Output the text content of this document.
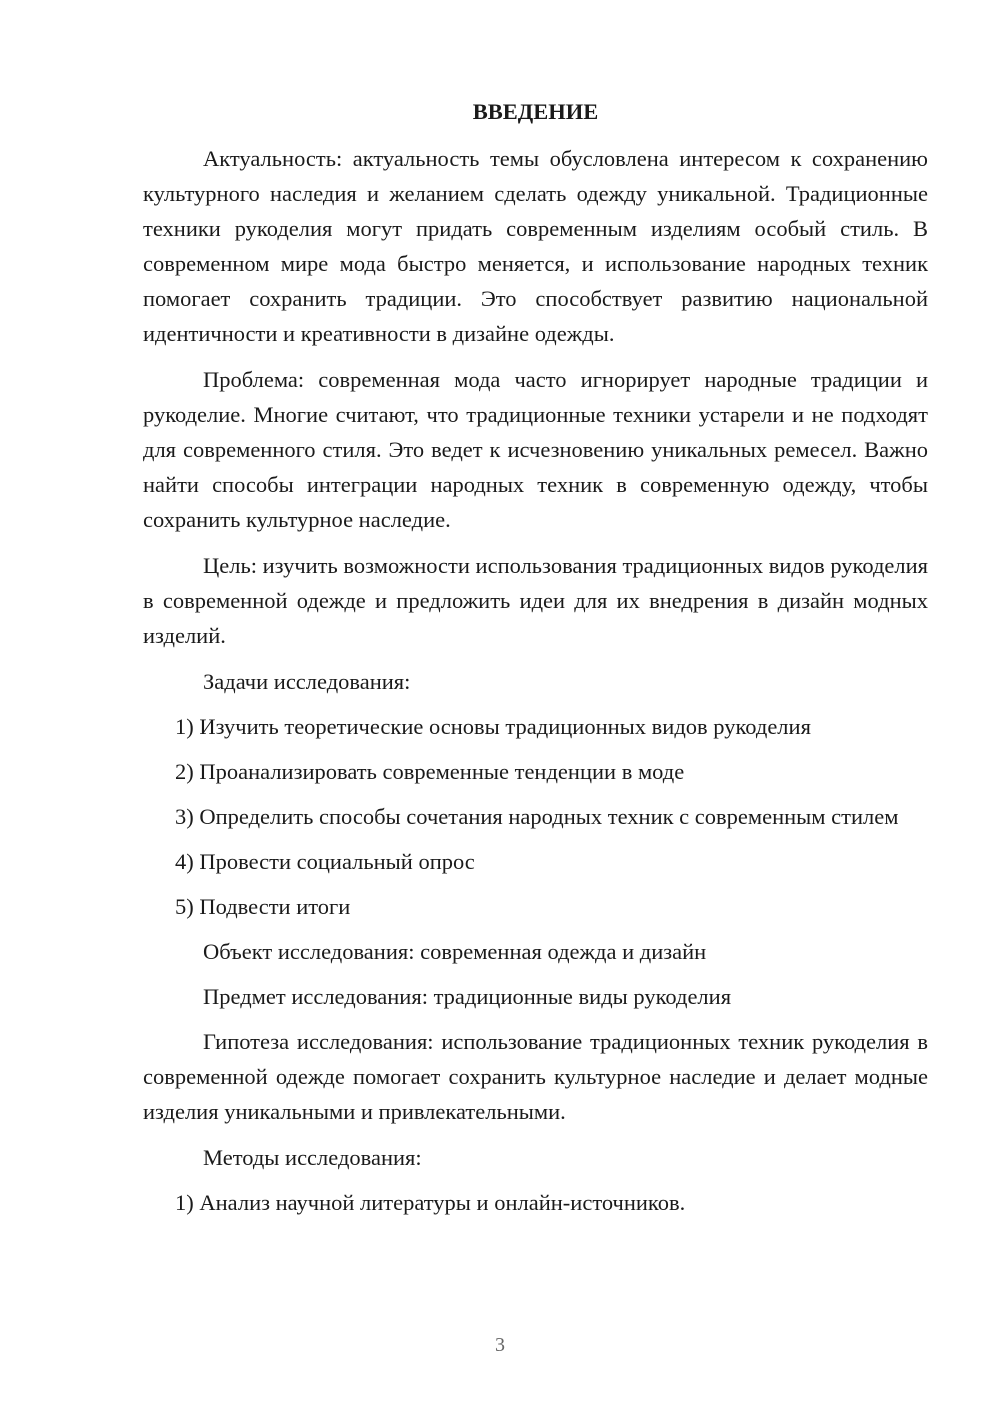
ВВЕДЕНИЕ

Актуальность: актуальность темы обусловлена интересом к сохранению культурного наследия и желанием сделать одежду уникальной. Традиционные техники рукоделия могут придать современным изделиям особый стиль. В современном мире мода быстро меняется, и использование народных техник помогает сохранить традиции. Это способствует развитию национальной идентичности и креативности в дизайне одежды.

Проблема: современная мода часто игнорирует народные традиции и рукоделие. Многие считают, что традиционные техники устарели и не подходят для современного стиля. Это ведет к исчезновению уникальных ремесел. Важно найти способы интеграции народных техник в современную одежду, чтобы сохранить культурное наследие.

Цель: изучить возможности использования традиционных видов рукоделия в современной одежде и предложить идеи для их внедрения в дизайн модных изделий.

Задачи исследования:

1) Изучить теоретические основы традиционных видов рукоделия

2) Проанализировать современные тенденции в моде

3) Определить способы сочетания народных техник с современным стилем

4) Провести социальный опрос

5) Подвести итоги

Объект исследования: современная одежда и дизайн

Предмет исследования: традиционные виды рукоделия

Гипотеза исследования: использование традиционных техник рукоделия в современной одежде помогает сохранить культурное наследие и делает модные изделия уникальными и привлекательными.

Методы исследования:

1) Анализ научной литературы и онлайн-источников.

3
